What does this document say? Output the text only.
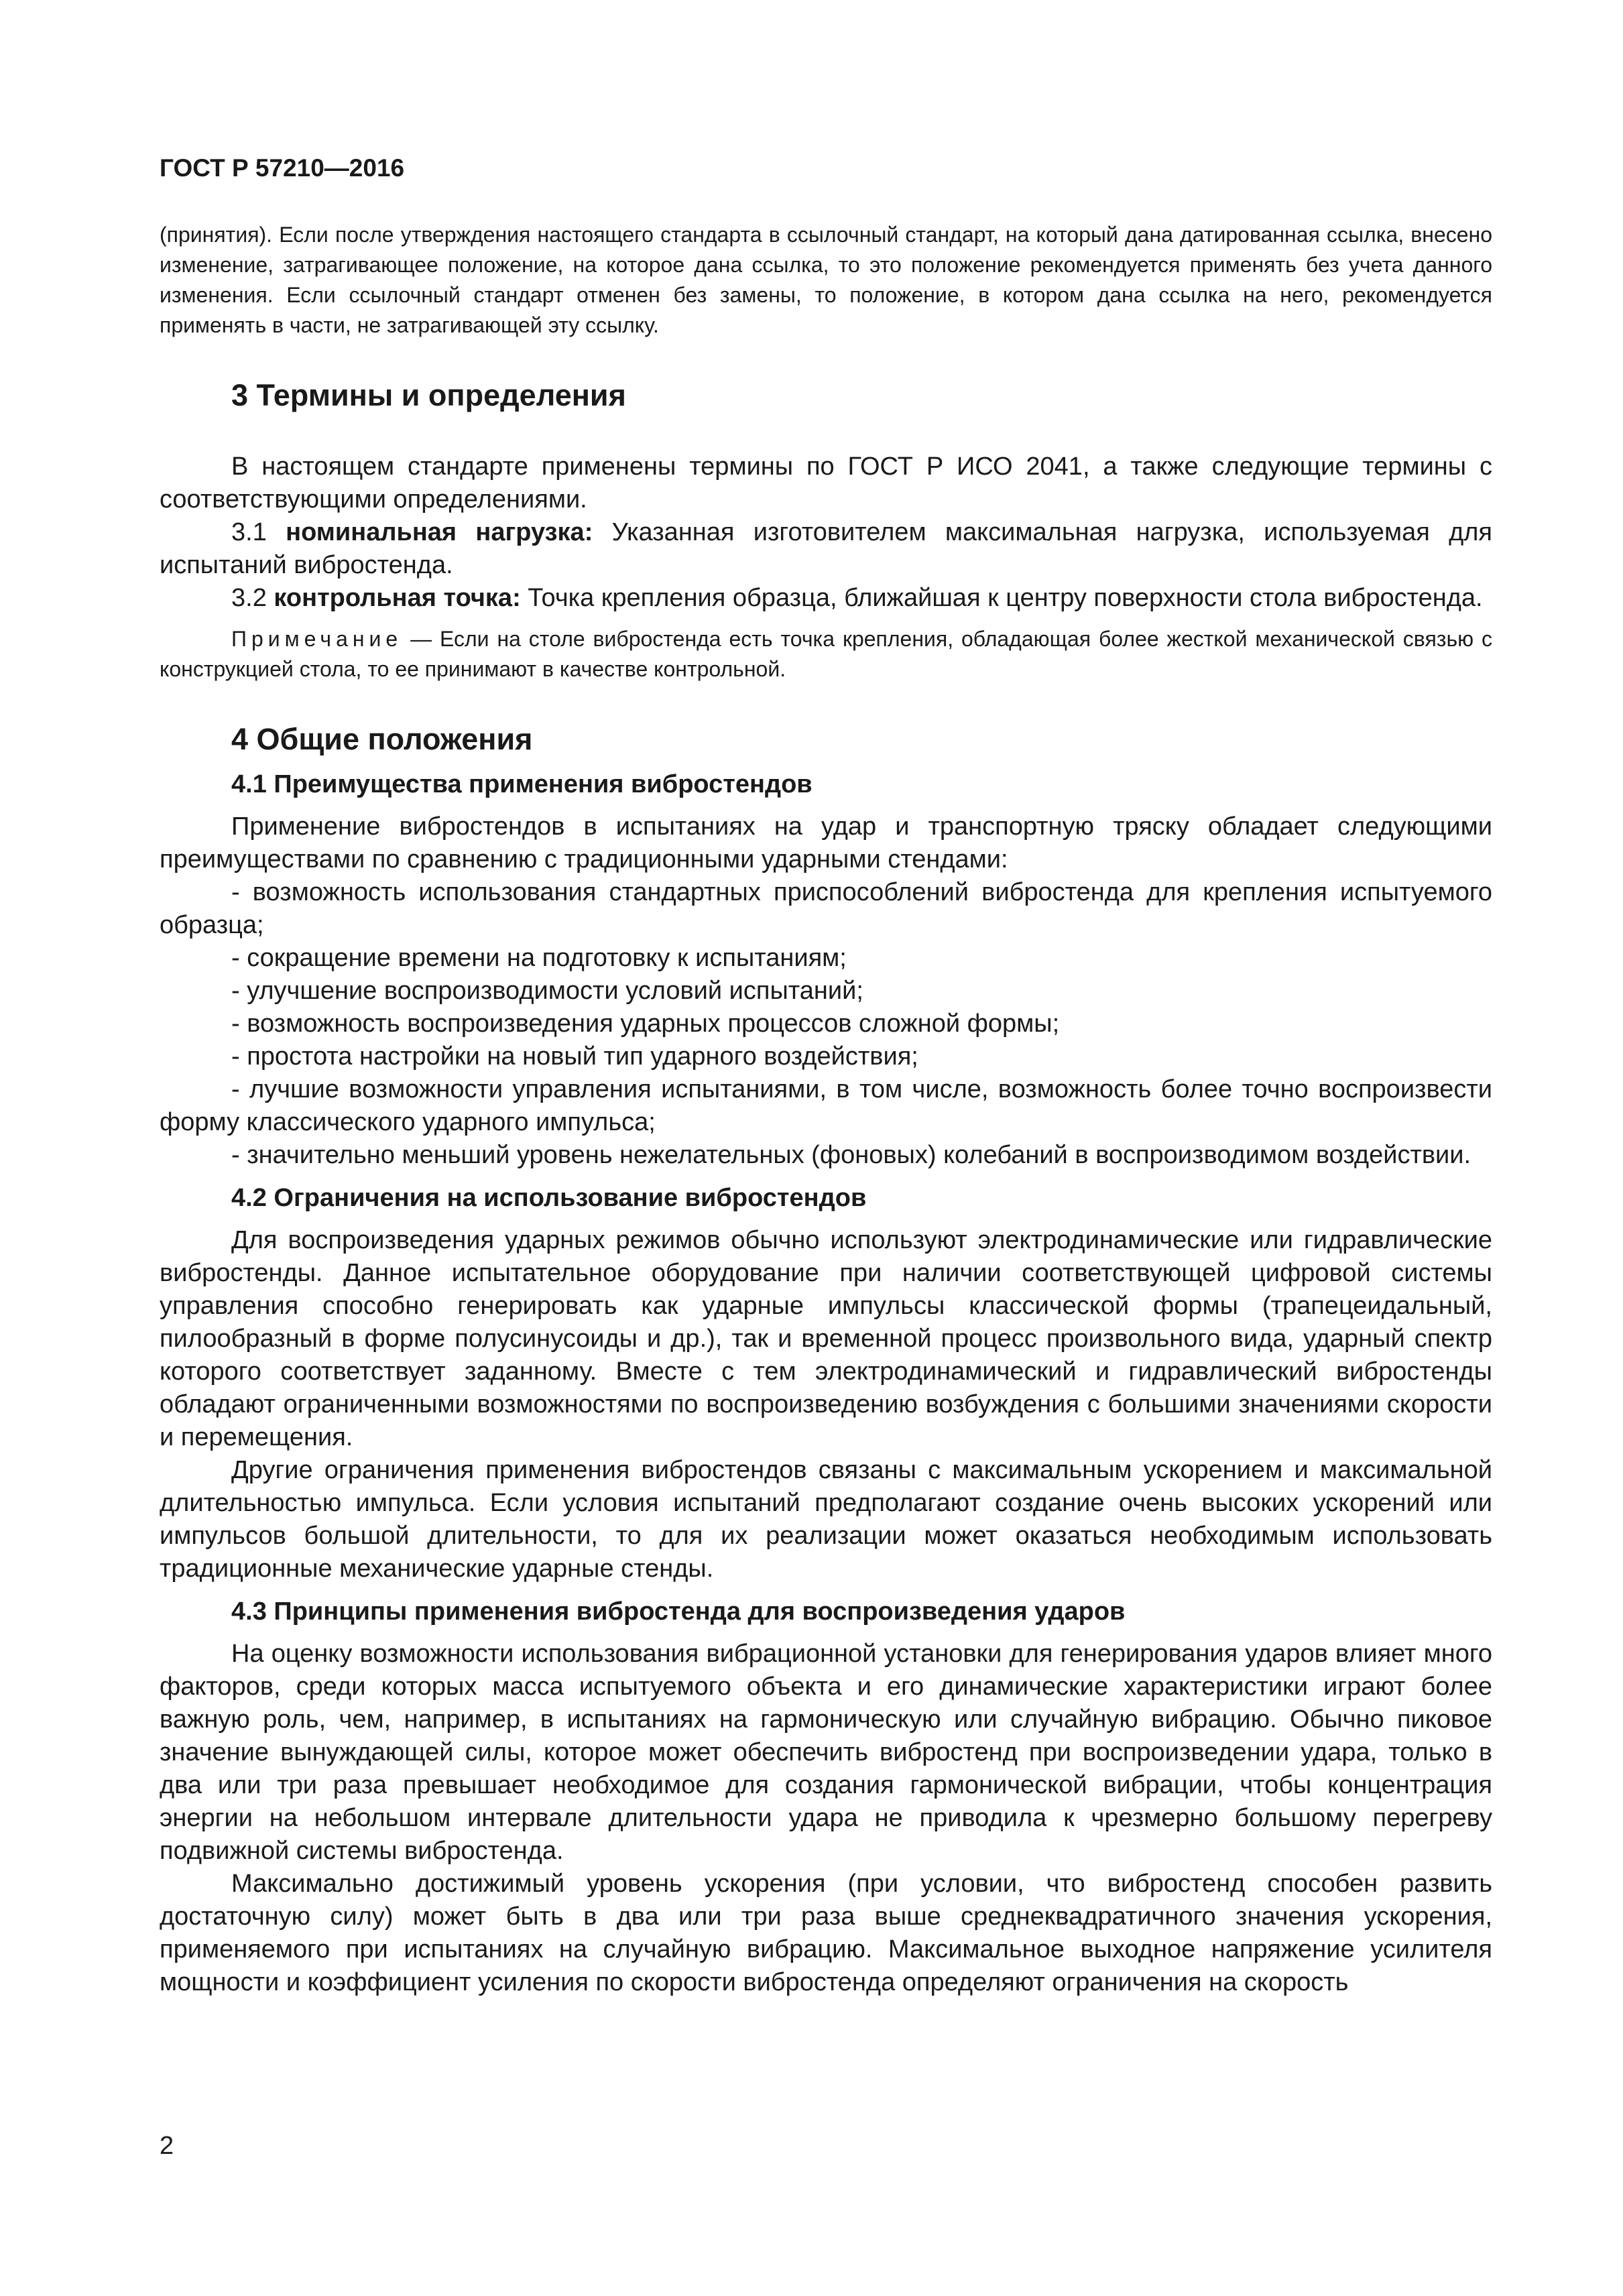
ГОСТ Р 57210—2016

(принятия). Если после утверждения настоящего стандарта в ссылочный стандарт, на который дана датированная ссылка, внесено изменение, затрагивающее положение, на которое дана ссылка, то это положение рекомендуется применять без учета данного изменения. Если ссылочный стандарт отменен без замены, то положение, в котором дана ссылка на него, рекомендуется применять в части, не затрагивающей эту ссылку.

3 Термины и определения

В настоящем стандарте применены термины по ГОСТ Р ИСО 2041, а также следующие термины с соответствующими определениями.

3.1 номинальная нагрузка: Указанная изготовителем максимальная нагрузка, используемая для испытаний вибростенда.

3.2 контрольная точка: Точка крепления образца, ближайшая к центру поверхности стола вибростенда.

Примечание — Если на столе вибростенда есть точка крепления, обладающая более жесткой механической связью с конструкцией стола, то ее принимают в качестве контрольной.

4 Общие положения
4.1 Преимущества применения вибростендов

Применение вибростендов в испытаниях на удар и транспортную тряску обладает следующими преимуществами по сравнению с традиционными ударными стендами:

- возможность использования стандартных приспособлений вибростенда для крепления испытуемого образца;

- сокращение времени на подготовку к испытаниям;

- улучшение воспроизводимости условий испытаний;

- возможность воспроизведения ударных процессов сложной формы;

- простота настройки на новый тип ударного воздействия;

- лучшие возможности управления испытаниями, в том числе, возможность более точно воспроизвести форму классического ударного импульса;

- значительно меньший уровень нежелательных (фоновых) колебаний в воспроизводимом воздействии.

4.2 Ограничения на использование вибростендов

Для воспроизведения ударных режимов обычно используют электродинамические или гидравлические вибростенды. Данное испытательное оборудование при наличии соответствующей цифровой системы управления способно генерировать как ударные импульсы классической формы (трапецеидальный, пилообразный в форме полусинусоиды и др.), так и временной процесс произвольного вида, ударный спектр которого соответствует заданному. Вместе с тем электродинамический и гидравлический вибростенды обладают ограниченными возможностями по воспроизведению возбуждения с большими значениями скорости и перемещения.

Другие ограничения применения вибростендов связаны с максимальным ускорением и максимальной длительностью импульса. Если условия испытаний предполагают создание очень высоких ускорений или импульсов большой длительности, то для их реализации может оказаться необходимым использовать традиционные механические ударные стенды.

4.3 Принципы применения вибростенда для воспроизведения ударов

На оценку возможности использования вибрационной установки для генерирования ударов влияет много факторов, среди которых масса испытуемого объекта и его динамические характеристики играют более важную роль, чем, например, в испытаниях на гармоническую или случайную вибрацию. Обычно пиковое значение вынуждающей силы, которое может обеспечить вибростенд при воспроизведении удара, только в два или три раза превышает необходимое для создания гармонической вибрации, чтобы концентрация энергии на небольшом интервале длительности удара не приводила к чрезмерно большому перегреву подвижной системы вибростенда.

Максимально достижимый уровень ускорения (при условии, что вибростенд способен развить достаточную силу) может быть в два или три раза выше среднеквадратичного значения ускорения, применяемого при испытаниях на случайную вибрацию. Максимальное выходное напряжение усилителя мощности и коэффициент усиления по скорости вибростенда определяют ограничения на скорость

2
